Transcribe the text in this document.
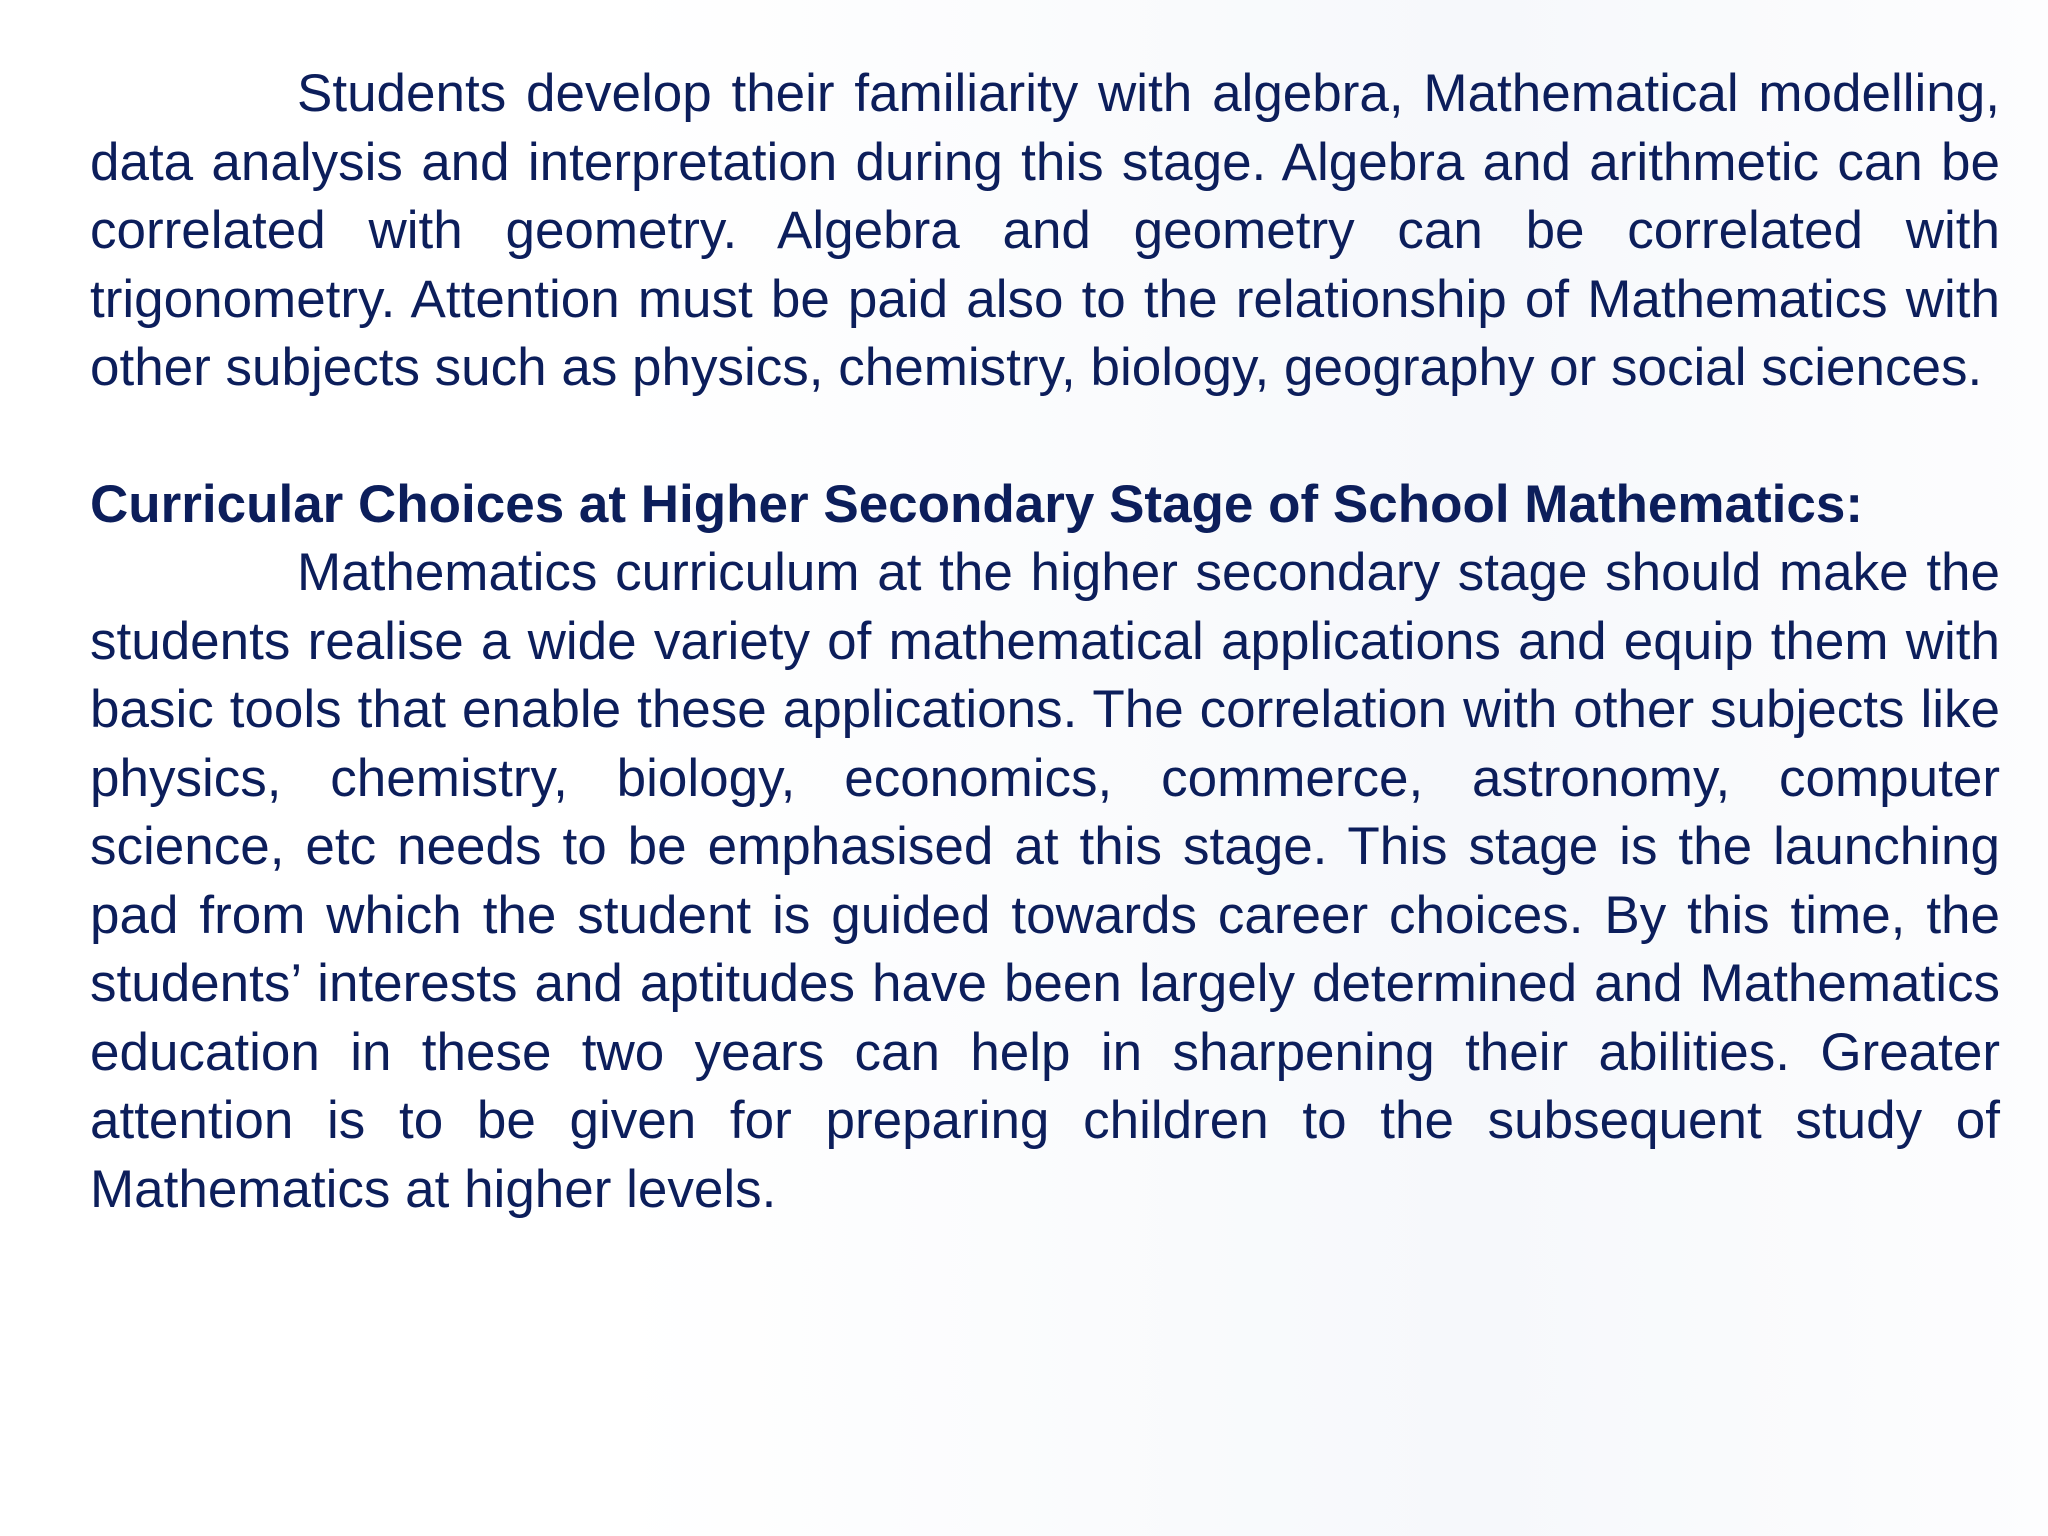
Students develop their familiarity with algebra, Mathematical modelling, data analysis and interpretation during this stage. Algebra and arithmetic can be correlated with geometry. Algebra and geometry can be correlated with trigonometry. Attention must be paid also to the relationship of Mathematics with other subjects such as physics, chemistry, biology, geography or social sciences.

Curricular Choices at Higher Secondary Stage of School Mathematics:

Mathematics curriculum at the higher secondary stage should make the students realise a wide variety of mathematical applications and equip them with basic tools that enable these applications. The correlation with other subjects like physics, chemistry, biology, economics, commerce, astronomy, computer science, etc needs to be emphasised at this stage. This stage is the launching pad from which the student is guided towards career choices. By this time, the students’ interests and aptitudes have been largely determined and Mathematics education in these two years can help in sharpening their abilities. Greater attention is to be given for preparing children to the subsequent study of Mathematics at higher levels.
